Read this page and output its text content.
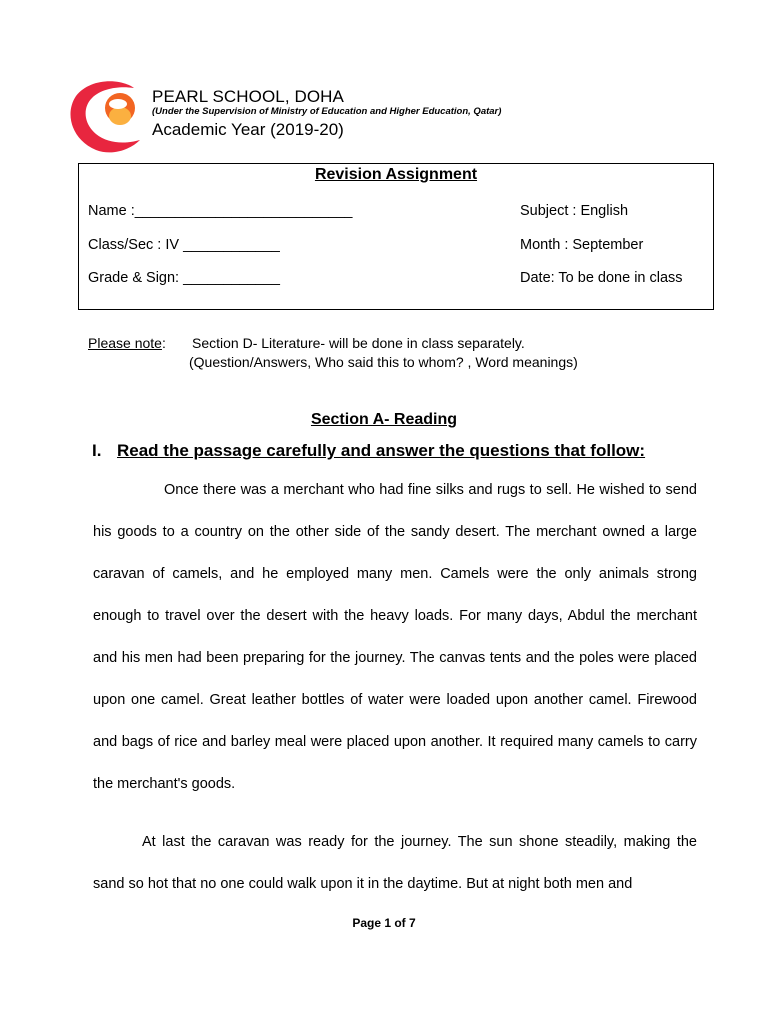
PEARL SCHOOL, DOHA
(Under the Supervision of Ministry of Education and Higher Education, Qatar)
Academic Year (2019-20)
Revision Assignment
Name :___________________________
Class/Sec : IV ____________
Grade & Sign: ____________
Subject : English
Month : September
Date: To be done in class
Please note: Section D- Literature- will be done in class separately.
(Question/Answers, Who said this to whom? , Word meanings)
Section A- Reading
I. Read the passage carefully and answer the questions that follow:

Once there was a merchant who had fine silks and rugs to sell. He wished to send his goods to a country on the other side of the sandy desert. The merchant owned a large caravan of camels, and he employed many men. Camels were the only animals strong enough to travel over the desert with the heavy loads. For many days, Abdul the merchant and his men had been preparing for the journey. The canvas tents and the poles were placed upon one camel. Great leather bottles of water were loaded upon another camel. Firewood and bags of rice and barley meal were placed upon another. It required many camels to carry the merchant's goods.

At last the caravan was ready for the journey. The sun shone steadily, making the sand so hot that no one could walk upon it in the daytime. But at night both men and

Page 1 of 7
